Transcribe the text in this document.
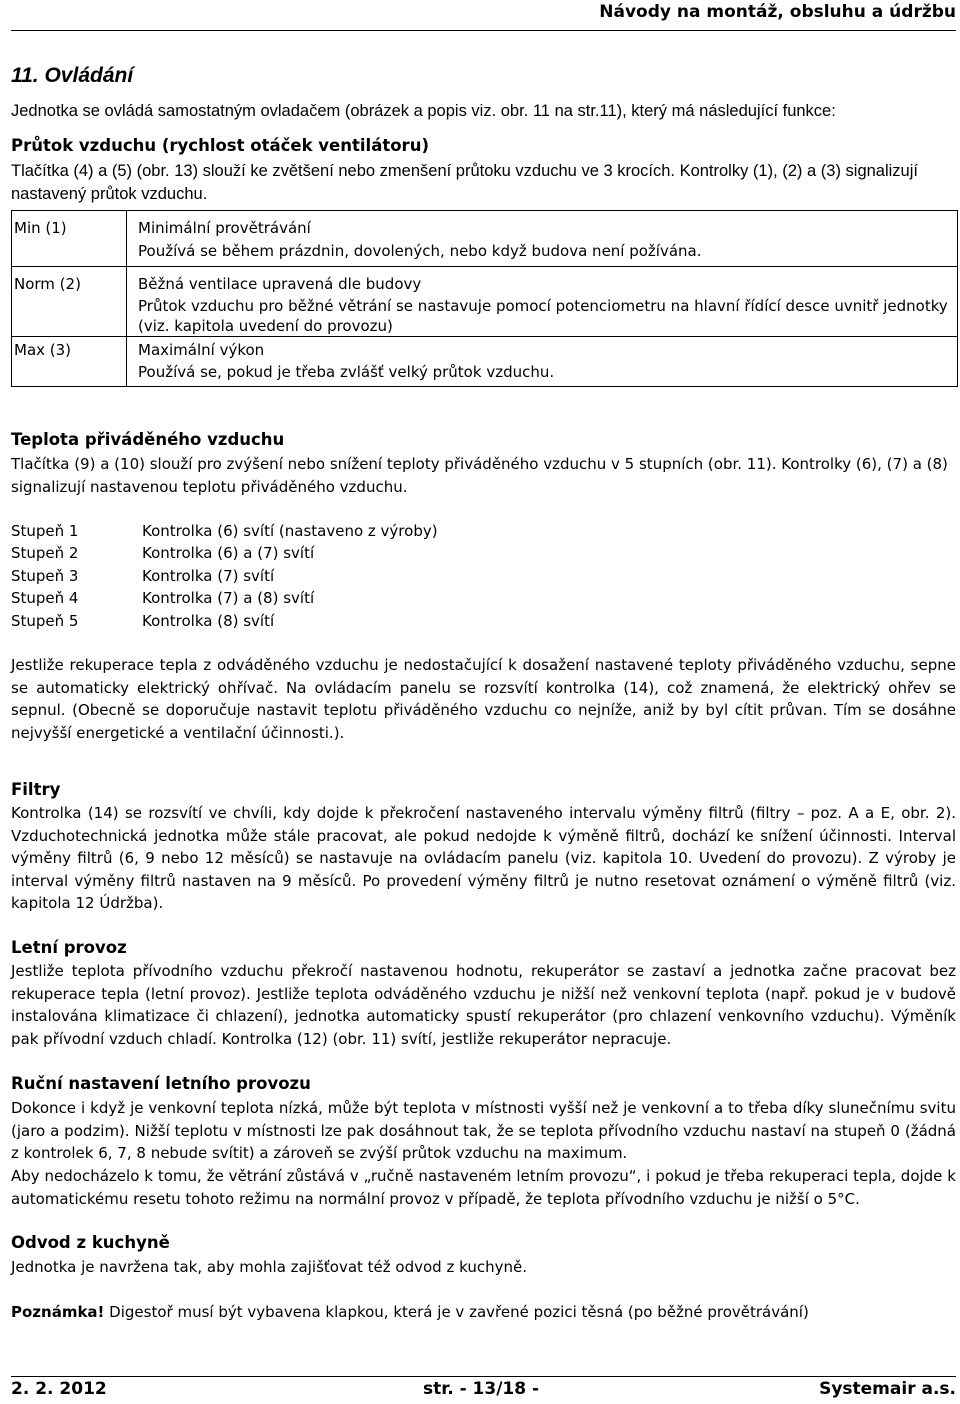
Návody na montáž, obsluhu a údržbu
11. Ovládání

Jednotka se ovládá samostatným ovladačem (obrázek a popis viz. obr. 11 na str.11), který má následující funkce:

Průtok vzduchu (rychlost otáček ventilátoru)

Tlačítka (4) a (5) (obr. 13) slouží ke zvětšení nebo zmenšení průtoku vzduchu ve 3 krocích. Kontrolky (1), (2) a (3) signalizují nastavený průtok vzduchu.

Min (1)	Minimální provětrávání
Používá se během prázdnin, dovolených, nebo když budova není požívána.

Norm (2)	Běžná ventilace upravená dle budovy
Průtok vzduchu pro běžné větrání se nastavuje pomocí potenciometru na hlavní řídící desce uvnitř jednotky (viz. kapitola uvedení do provozu)

Max (3)	Maximální výkon
Používá se, pokud je třeba zvlášť velký průtok vzduchu.
Teplota přiváděného vzduchu

Tlačítka (9) a (10) slouží pro zvýšení nebo snížení teploty přiváděného vzduchu v 5 stupních (obr. 11). Kontrolky (6), (7) a (8) signalizují nastavenou teplotu přiváděného vzduchu.

Stupeň 1	Kontrolka (6) svítí (nastaveno z výroby)
Stupeň 2	Kontrolka (6) a (7) svítí
Stupeň 3	Kontrolka (7) svítí
Stupeň 4	Kontrolka (7) a (8) svítí
Stupeň 5	Kontrolka (8) svítí

Jestliže rekuperace tepla z odváděného vzduchu je nedostačující k dosažení nastavené teploty přiváděného vzduchu, sepne se automaticky elektrický ohřívač. Na ovládacím panelu se rozsvítí kontrolka (14), což znamená, že elektrický ohřev se sepnul. (Obecně se doporučuje nastavit teplotu přiváděného vzduchu co nejníže, aniž by byl cítit průvan. Tím se dosáhne nejvyšší energetické a ventilační účinnosti.).

Filtry

Kontrolka (14) se rozsvítí ve chvíli, kdy dojde k překročení nastaveného intervalu výměny filtrů (filtry – poz. A a E, obr. 2). Vzduchotechnická jednotka může stále pracovat, ale pokud nedojde k výměně filtrů, dochází ke snížení účinnosti. Interval výměny filtrů (6, 9 nebo 12 měsíců) se nastavuje na ovládacím panelu (viz. kapitola 10. Uvedení do provozu). Z výroby je interval výměny filtrů nastaven na 9 měsíců. Po provedení výměny filtrů je nutno resetovat oznámení o výměně filtrů (viz. kapitola 12 Údržba).

Letní provoz

Jestliže teplota přívodního vzduchu překročí nastavenou hodnotu, rekuperátor se zastaví a jednotka začne pracovat bez rekuperace tepla (letní provoz). Jestliže teplota odváděného vzduchu je nižší než venkovní teplota (např. pokud je v budově instalována klimatizace či chlazení), jednotka automaticky spustí rekuperátor (pro chlazení venkovního vzduchu). Výměník pak přívodní vzduch chladí. Kontrolka (12) (obr. 11) svítí, jestliže rekuperátor nepracuje.

Ruční nastavení letního provozu

Dokonce i když je venkovní teplota nízká, může být teplota v místnosti vyšší než je venkovní a to třeba díky slunečnímu svitu (jaro a podzim). Nižší teplotu v místnosti lze pak dosáhnout tak, že se teplota přívodního vzduchu nastaví na stupeň 0 (žádná z kontrolek 6, 7, 8 nebude svítit) a zároveň se zvýší průtok vzduchu na maximum.

Aby nedocházelo k tomu, že větrání zůstává v „ručně nastaveném letním provozu“, i pokud je třeba rekuperaci tepla, dojde k automatickému resetu tohoto režimu na normální provoz v případě, že teplota přívodního vzduchu je nižší o 5°C.

Odvod z kuchyně

Jednotka je navržena tak, aby mohla zajišťovat též odvod z kuchyně.

Poznámka! Digestoř musí být vybavena klapkou, která je v zavřené pozici těsná (po běžné provětrávání)

2. 2. 2012	str. - 13/18 -	Systemair a.s.
